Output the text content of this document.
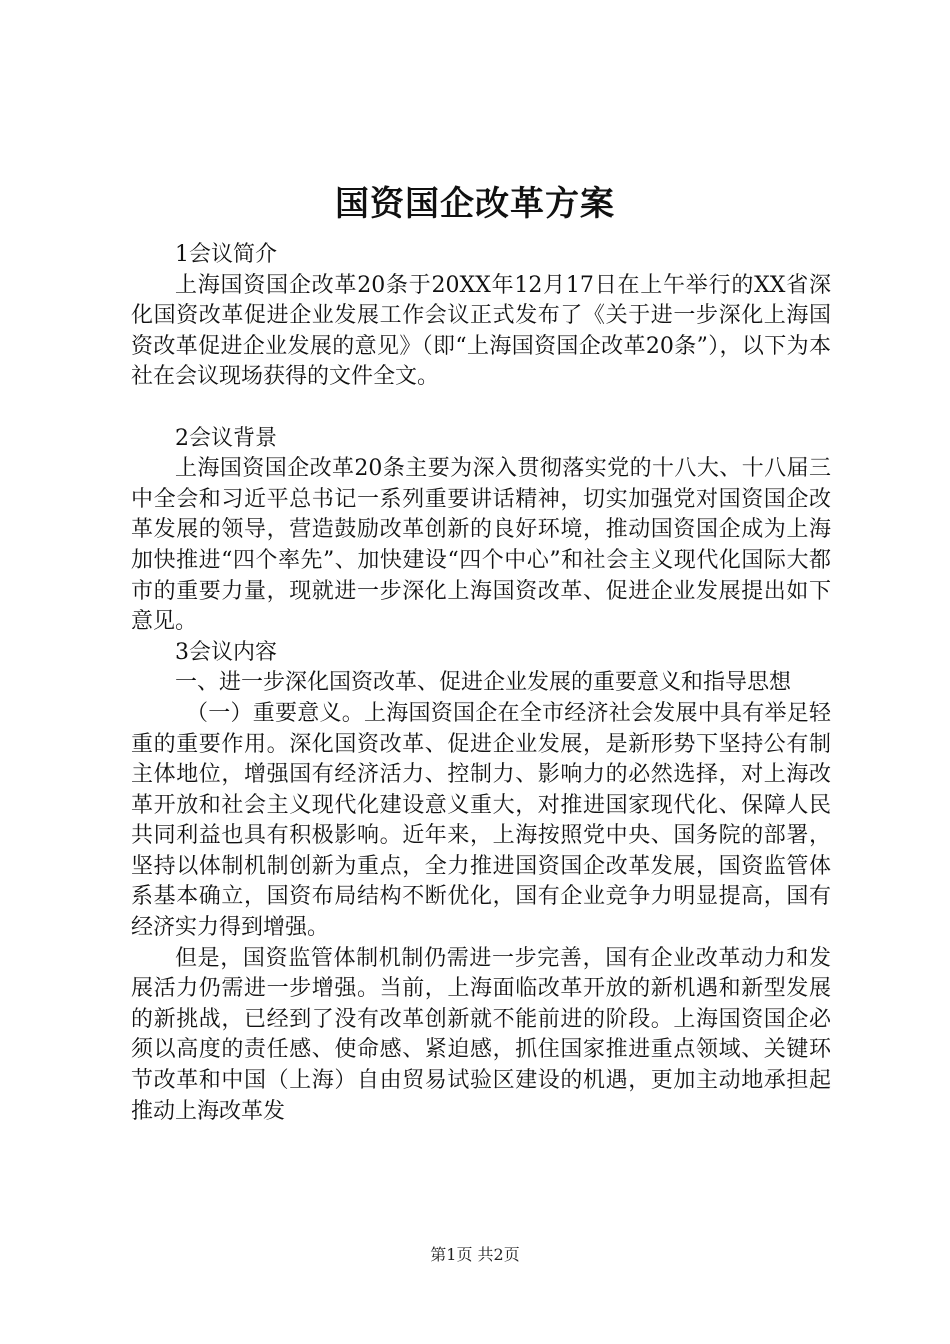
国资国企改革方案

1会议简介

上海国资国企改革20条于20XX年12月17日在上午举行的XX省深化国资改革促进企业发展工作会议正式发布了《关于进一步深化上海国资改革促进企业发展的意见》（即“上海国资国企改革20条”），以下为本社在会议现场获得的文件全文。

2会议背景

上海国资国企改革20条主要为深入贯彻落实党的十八大、十八届三中全会和习近平总书记一系列重要讲话精神，切实加强党对国资国企改革发展的领导，营造鼓励改革创新的良好环境，推动国资国企成为上海加快推进“四个率先”、加快建设“四个中心”和社会主义现代化国际大都市的重要力量，现就进一步深化上海国资改革、促进企业发展提出如下意见。

3会议内容

一、进一步深化国资改革、促进企业发展的重要意义和指导思想

（一）重要意义。上海国资国企在全市经济社会发展中具有举足轻重的重要作用。深化国资改革、促进企业发展，是新形势下坚持公有制主体地位，增强国有经济活力、控制力、影响力的必然选择，对上海改革开放和社会主义现代化建设意义重大，对推进国家现代化、保障人民共同利益也具有积极影响。近年来，上海按照党中央、国务院的部署，坚持以体制机制创新为重点，全力推进国资国企改革发展，国资监管体系基本确立，国资布局结构不断优化，国有企业竞争力明显提高，国有经济实力得到增强。

但是，国资监管体制机制仍需进一步完善，国有企业改革动力和发展活力仍需进一步增强。当前，上海面临改革开放的新机遇和新型发展的新挑战，已经到了没有改革创新就不能前进的阶段。上海国资国企必须以高度的责任感、使命感、紧迫感，抓住国家推进重点领域、关键环节改革和中国（上海）自由贸易试验区建设的机遇，更加主动地承担起推动上海改革发

第1页 共2页
